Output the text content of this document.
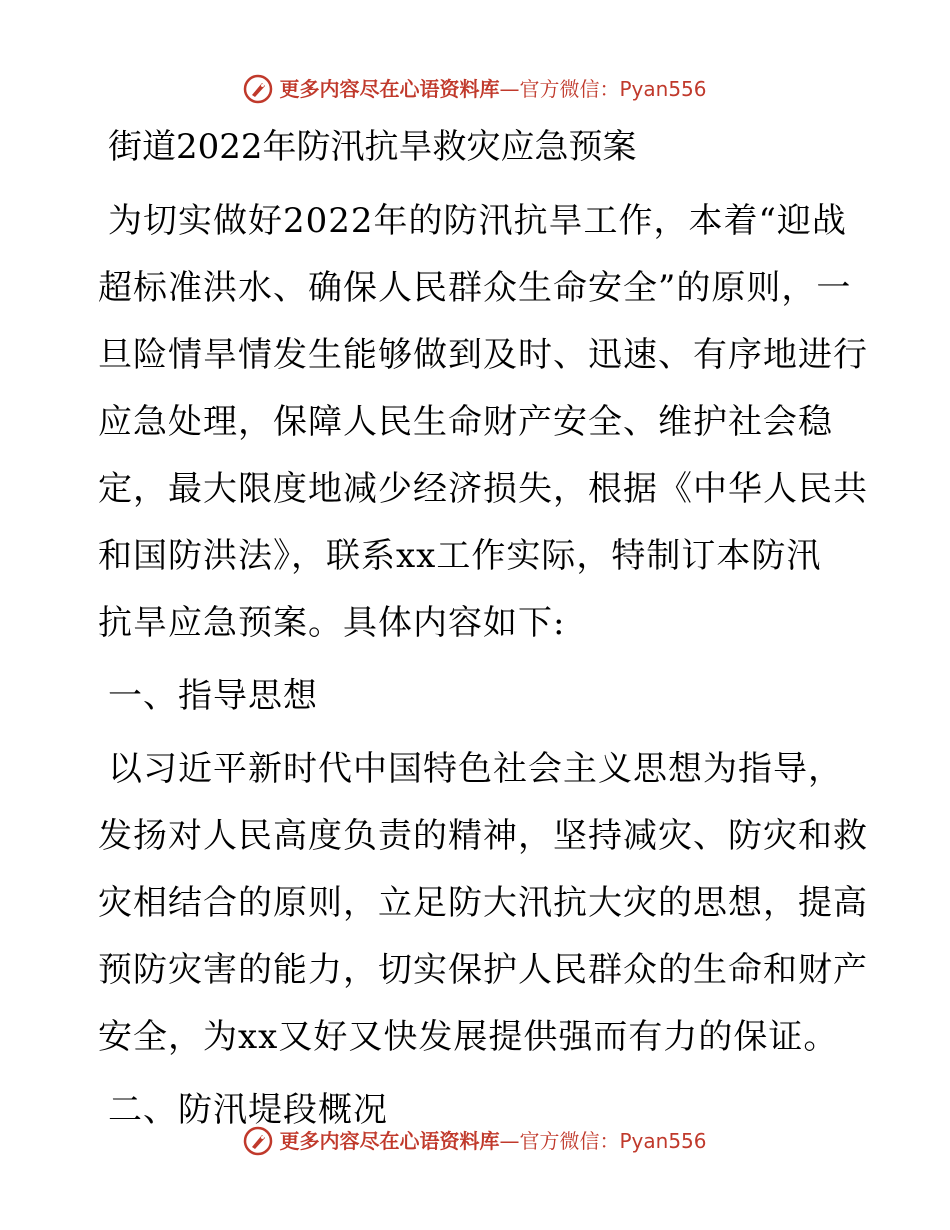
更多内容尽在心语资料库 — 官方微信： Pyan556
街道2022年防汛抗旱救灾应急预案
为切实做好2022年的防汛抗旱工作，本着“迎战
超标准洪水、确保人民群众生命安全”的原则，一
旦险情旱情发生能够做到及时、迅速、有序地进行
应急处理，保障人民生命财产安全、维护社会稳
定，最大限度地减少经济损失，根据《中华人民共
和国防洪法》，联系xx工作实际，特制订本防汛
抗旱应急预案。具体内容如下:
一、指导思想
以习近平新时代中国特色社会主义思想为指导，
发扬对人民高度负责的精神，坚持减灾、防灾和救
灾相结合的原则，立足防大汛抗大灾的思想，提高
预防灾害的能力，切实保护人民群众的生命和财产
安全，为xx又好又快发展提供强而有力的保证。
二、防汛堤段概况
更多内容尽在心语资料库 — 官方微信： Pyan556
